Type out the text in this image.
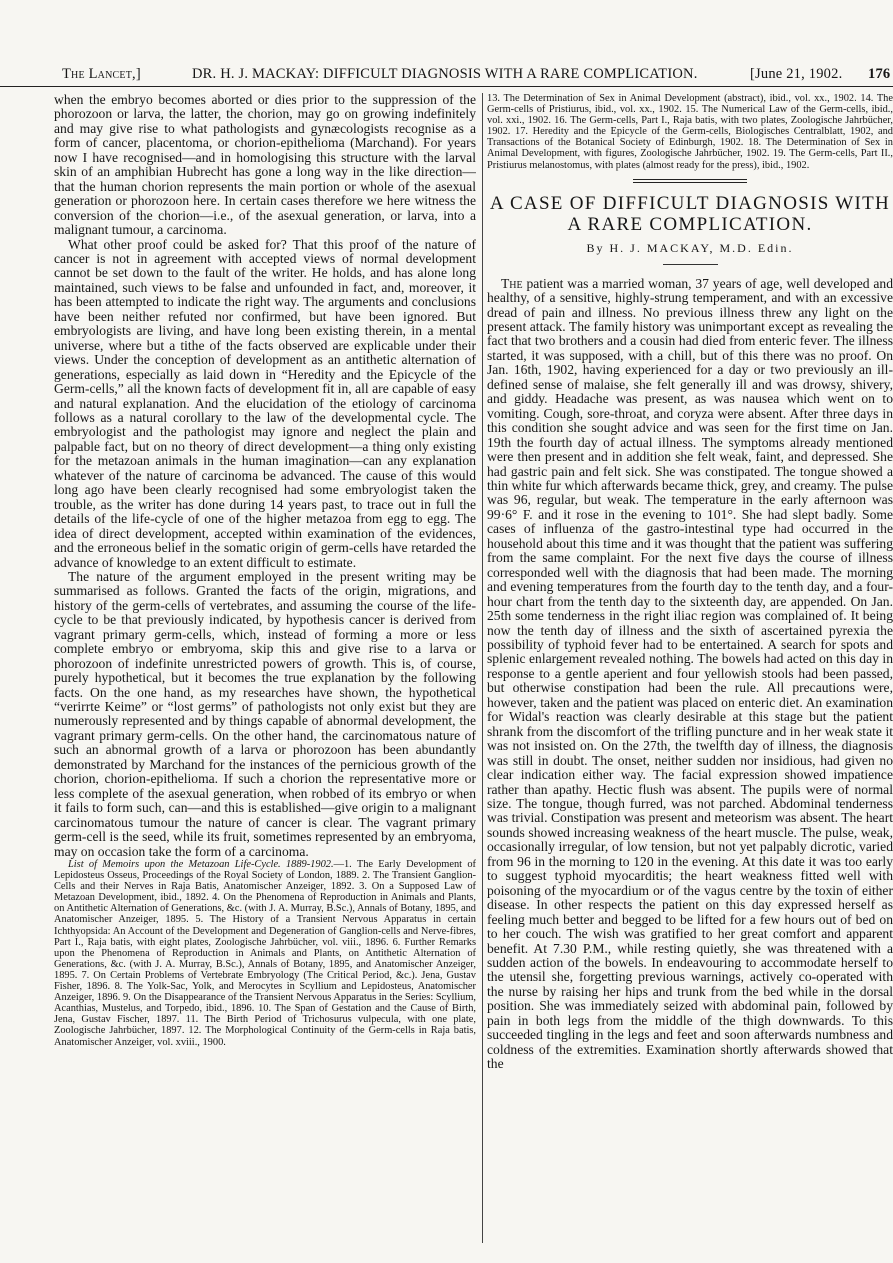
The Lancet,]	DR. H. J. MACKAY: DIFFICULT DIAGNOSIS WITH A RARE COMPLICATION.	[June 21, 1902. 176

when the embryo becomes aborted or dies prior to the suppression of the phorozoon or larva, the latter, the chorion, may go on growing indefinitely and may give rise to what pathologists and gynæcologists recognise as a form of cancer, placentoma, or chorion-epithelioma (Marchand). For years now I have recognised—and in homologising this structure with the larval skin of an amphibian Hubrecht has gone a long way in the like direction—that the human chorion represents the main portion or whole of the asexual generation or phorozoon here. In certain cases therefore we here witness the conversion of the chorion—i.e., of the asexual generation, or larva, into a malignant tumour, a carcinoma.

What other proof could be asked for? That this proof of the nature of cancer is not in agreement with accepted views of normal development cannot be set down to the fault of the writer. He holds, and has alone long maintained, such views to be false and unfounded in fact, and, moreover, it has been attempted to indicate the right way. The arguments and conclusions have been neither refuted nor confirmed, but have been ignored. But embryologists are living, and have long been existing therein, in a mental universe, where but a tithe of the facts observed are explicable under their views. Under the conception of development as an antithetic alternation of generations, especially as laid down in “Heredity and the Epicycle of the Germ-cells,” all the known facts of development fit in, all are capable of easy and natural explanation. And the elucidation of the etiology of carcinoma follows as a natural corollary to the law of the developmental cycle. The embryologist and the pathologist may ignore and neglect the plain and palpable fact, but on no theory of direct development—a thing only existing for the metazoan animals in the human imagination—can any explanation whatever of the nature of carcinoma be advanced. The cause of this would long ago have been clearly recognised had some embryologist taken the trouble, as the writer has done during 14 years past, to trace out in full the details of the life-cycle of one of the higher metazoa from egg to egg. The idea of direct development, accepted within examination of the evidences, and the erroneous belief in the somatic origin of germ-cells have retarded the advance of knowledge to an extent difficult to estimate.

The nature of the argument employed in the present writing may be summarised as follows. Granted the facts of the origin, migrations, and history of the germ-cells of vertebrates, and assuming the course of the life-cycle to be that previously indicated, by hypothesis cancer is derived from vagrant primary germ-cells, which, instead of forming a more or less complete embryo or embryoma, skip this and give rise to a larva or phorozoon of indefinite unrestricted powers of growth. This is, of course, purely hypothetical, but it becomes the true explanation by the following facts. On the one hand, as my researches have shown, the hypothetical “verirrte Keime” or “lost germs” of pathologists not only exist but they are numerously represented and by things capable of abnormal development, the vagrant primary germ-cells. On the other hand, the carcinomatous nature of such an abnormal growth of a larva or phorozoon has been abundantly demonstrated by Marchand for the instances of the pernicious growth of the chorion, chorion-epithelioma. If such a chorion the representative more or less complete of the asexual generation, when robbed of its embryo or when it fails to form such, can—and this is established—give origin to a malignant carcinomatous tumour the nature of cancer is clear. The vagrant primary germ-cell is the seed, while its fruit, sometimes represented by an embryoma, may on occasion take the form of a carcinoma.

List of Memoirs upon the Metazoan Life-Cycle. 1889-1902.—1. The Early Development of Lepidosteus Osseus, Proceedings of the Royal Society of London, 1889. 2. The Transient Ganglion-Cells and their Nerves in Raja Batis, Anatomischer Anzeiger, 1892. 3. On a Supposed Law of Metazoan Development, ibid., 1892. 4. On the Phenomena of Reproduction in Animals and Plants, on Antithetic Alternation of Generations, &c. (with J. A. Murray, B.Sc.), Annals of Botany, 1895, and Anatomischer Anzeiger, 1895. 5. The History of a Transient Nervous Apparatus in certain Ichthyopsida: An Account of the Development and Degeneration of Ganglion-cells and Nerve-fibres, Part I., Raja batis, with eight plates, Zoologische Jahrbücher, vol. viii., 1896. 6. Further Remarks upon the Phenomena of Reproduction in Animals and Plants, on Antithetic Alternation of Generations, &c. (with J. A. Murray, B.Sc.), Annals of Botany, 1895, and Anatomischer Anzeiger, 1895. 7. On Certain Problems of Vertebrate Embryology (The Critical Period, &c.). Jena, Gustav Fisher, 1896. 8. The Yolk-Sac, Yolk, and Merocytes in Scyllium and Lepidosteus, Anatomischer Anzeiger, 1896. 9. On the Disappearance of the Transient Nervous Apparatus in the Series: Scyllium, Acanthias, Mustelus, and Torpedo, ibid., 1896. 10. The Span of Gestation and the Cause of Birth, Jena, Gustav Fischer, 1897. 11. The Birth Period of Trichosurus vulpecula, with one plate, Zoologische Jahrbücher, 1897. 12. The Morphological Continuity of the Germ-cells in Raja batis, Anatomischer Anzeiger, vol. xviii., 1900.

13. The Determination of Sex in Animal Development (abstract), ibid., vol. xx., 1902. 14. The Germ-cells of Pristiurus, ibid., vol. xx., 1902. 15. The Numerical Law of the Germ-cells, ibid., vol. xxi., 1902. 16. The Germ-cells, Part I., Raja batis, with two plates, Zoologische Jahrbücher, 1902. 17. Heredity and the Epicycle of the Germ-cells, Biologisches Centralblatt, 1902, and Transactions of the Botanical Society of Edinburgh, 1902. 18. The Determination of Sex in Animal Development, with figures, Zoologische Jahrbücher, 1902. 19. The Germ-cells, Part II., Pristiurus melanostomus, with plates (almost ready for the press), ibid., 1902.

A CASE OF DIFFICULT DIAGNOSIS WITH
A RARE COMPLICATION.
By H. J. MACKAY, M.D. Edin.

The patient was a married woman, 37 years of age, well developed and healthy, of a sensitive, highly-strung temperament, and with an excessive dread of pain and illness. No previous illness threw any light on the present attack. The family history was unimportant except as revealing the fact that two brothers and a cousin had died from enteric fever. The illness started, it was supposed, with a chill, but of this there was no proof. On Jan. 16th, 1902, having experienced for a day or two previously an ill-defined sense of malaise, she felt generally ill and was drowsy, shivery, and giddy. Headache was present, as was nausea which went on to vomiting. Cough, sore-throat, and coryza were absent. After three days in this condition she sought advice and was seen for the first time on Jan. 19th the fourth day of actual illness. The symptoms already mentioned were then present and in addition she felt weak, faint, and depressed. She had gastric pain and felt sick. She was constipated. The tongue showed a thin white fur which afterwards became thick, grey, and creamy. The pulse was 96, regular, but weak. The temperature in the early afternoon was 99·6° F. and it rose in the evening to 101°. She had slept badly. Some cases of influenza of the gastro-intestinal type had occurred in the household about this time and it was thought that the patient was suffering from the same complaint. For the next five days the course of illness corresponded well with the diagnosis that had been made. The morning and evening temperatures from the fourth day to the tenth day, and a four-hour chart from the tenth day to the sixteenth day, are appended. On Jan. 25th some tenderness in the right iliac region was complained of. It being now the tenth day of illness and the sixth of ascertained pyrexia the possibility of typhoid fever had to be entertained. A search for spots and splenic enlargement revealed nothing. The bowels had acted on this day in response to a gentle aperient and four yellowish stools had been passed, but otherwise constipation had been the rule. All precautions were, however, taken and the patient was placed on enteric diet. An examination for Widal's reaction was clearly desirable at this stage but the patient shrank from the discomfort of the trifling puncture and in her weak state it was not insisted on. On the 27th, the twelfth day of illness, the diagnosis was still in doubt. The onset, neither sudden nor insidious, had given no clear indication either way. The facial expression showed impatience rather than apathy. Hectic flush was absent. The pupils were of normal size. The tongue, though furred, was not parched. Abdominal tenderness was trivial. Constipation was present and meteorism was absent. The heart sounds showed increasing weakness of the heart muscle. The pulse, weak, occasionally irregular, of low tension, but not yet palpably dicrotic, varied from 96 in the morning to 120 in the evening. At this date it was too early to suggest typhoid myocarditis; the heart weakness fitted well with poisoning of the myocardium or of the vagus centre by the toxin of either disease. In other respects the patient on this day expressed herself as feeling much better and begged to be lifted for a few hours out of bed on to her couch. The wish was gratified to her great comfort and apparent benefit. At 7.30 P.M., while resting quietly, she was threatened with a sudden action of the bowels. In endeavouring to accommodate herself to the utensil she, forgetting previous warnings, actively co-operated with the nurse by raising her hips and trunk from the bed while in the dorsal position. She was immediately seized with abdominal pain, followed by pain in both legs from the middle of the thigh downwards. To this succeeded tingling in the legs and feet and soon afterwards numbness and coldness of the extremities. Examination shortly afterwards showed that the
